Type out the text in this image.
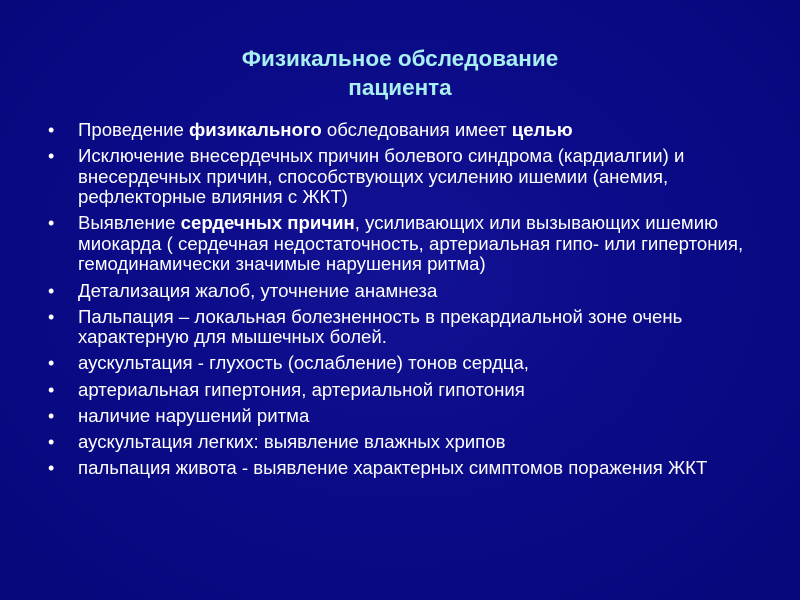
Физикальное обследование
пациента
• Проведение физикального обследования имеет целью
• Исключение внесердечных причин болевого синдрома (кардиалгии) и внесердечных причин, способствующих усилению ишемии (анемия, рефлекторные влияния с ЖКТ)
• Выявление сердечных причин, усиливающих или вызывающих ишемию миокарда ( сердечная недостаточность, артериальная гипо- или гипертония, гемодинамически значимые нарушения ритма)
• Детализация жалоб, уточнение анамнеза
• Пальпация – локальная болезненность в прекардиальной зоне очень характерную для мышечных болей.
• аускультация - глухость (ослабление) тонов сердца,
• артериальная гипертония, артериальной гипотония
• наличие нарушений ритма
• аускультация легких: выявление влажных хрипов
• пальпация живота - выявление характерных симптомов поражения ЖКТ
